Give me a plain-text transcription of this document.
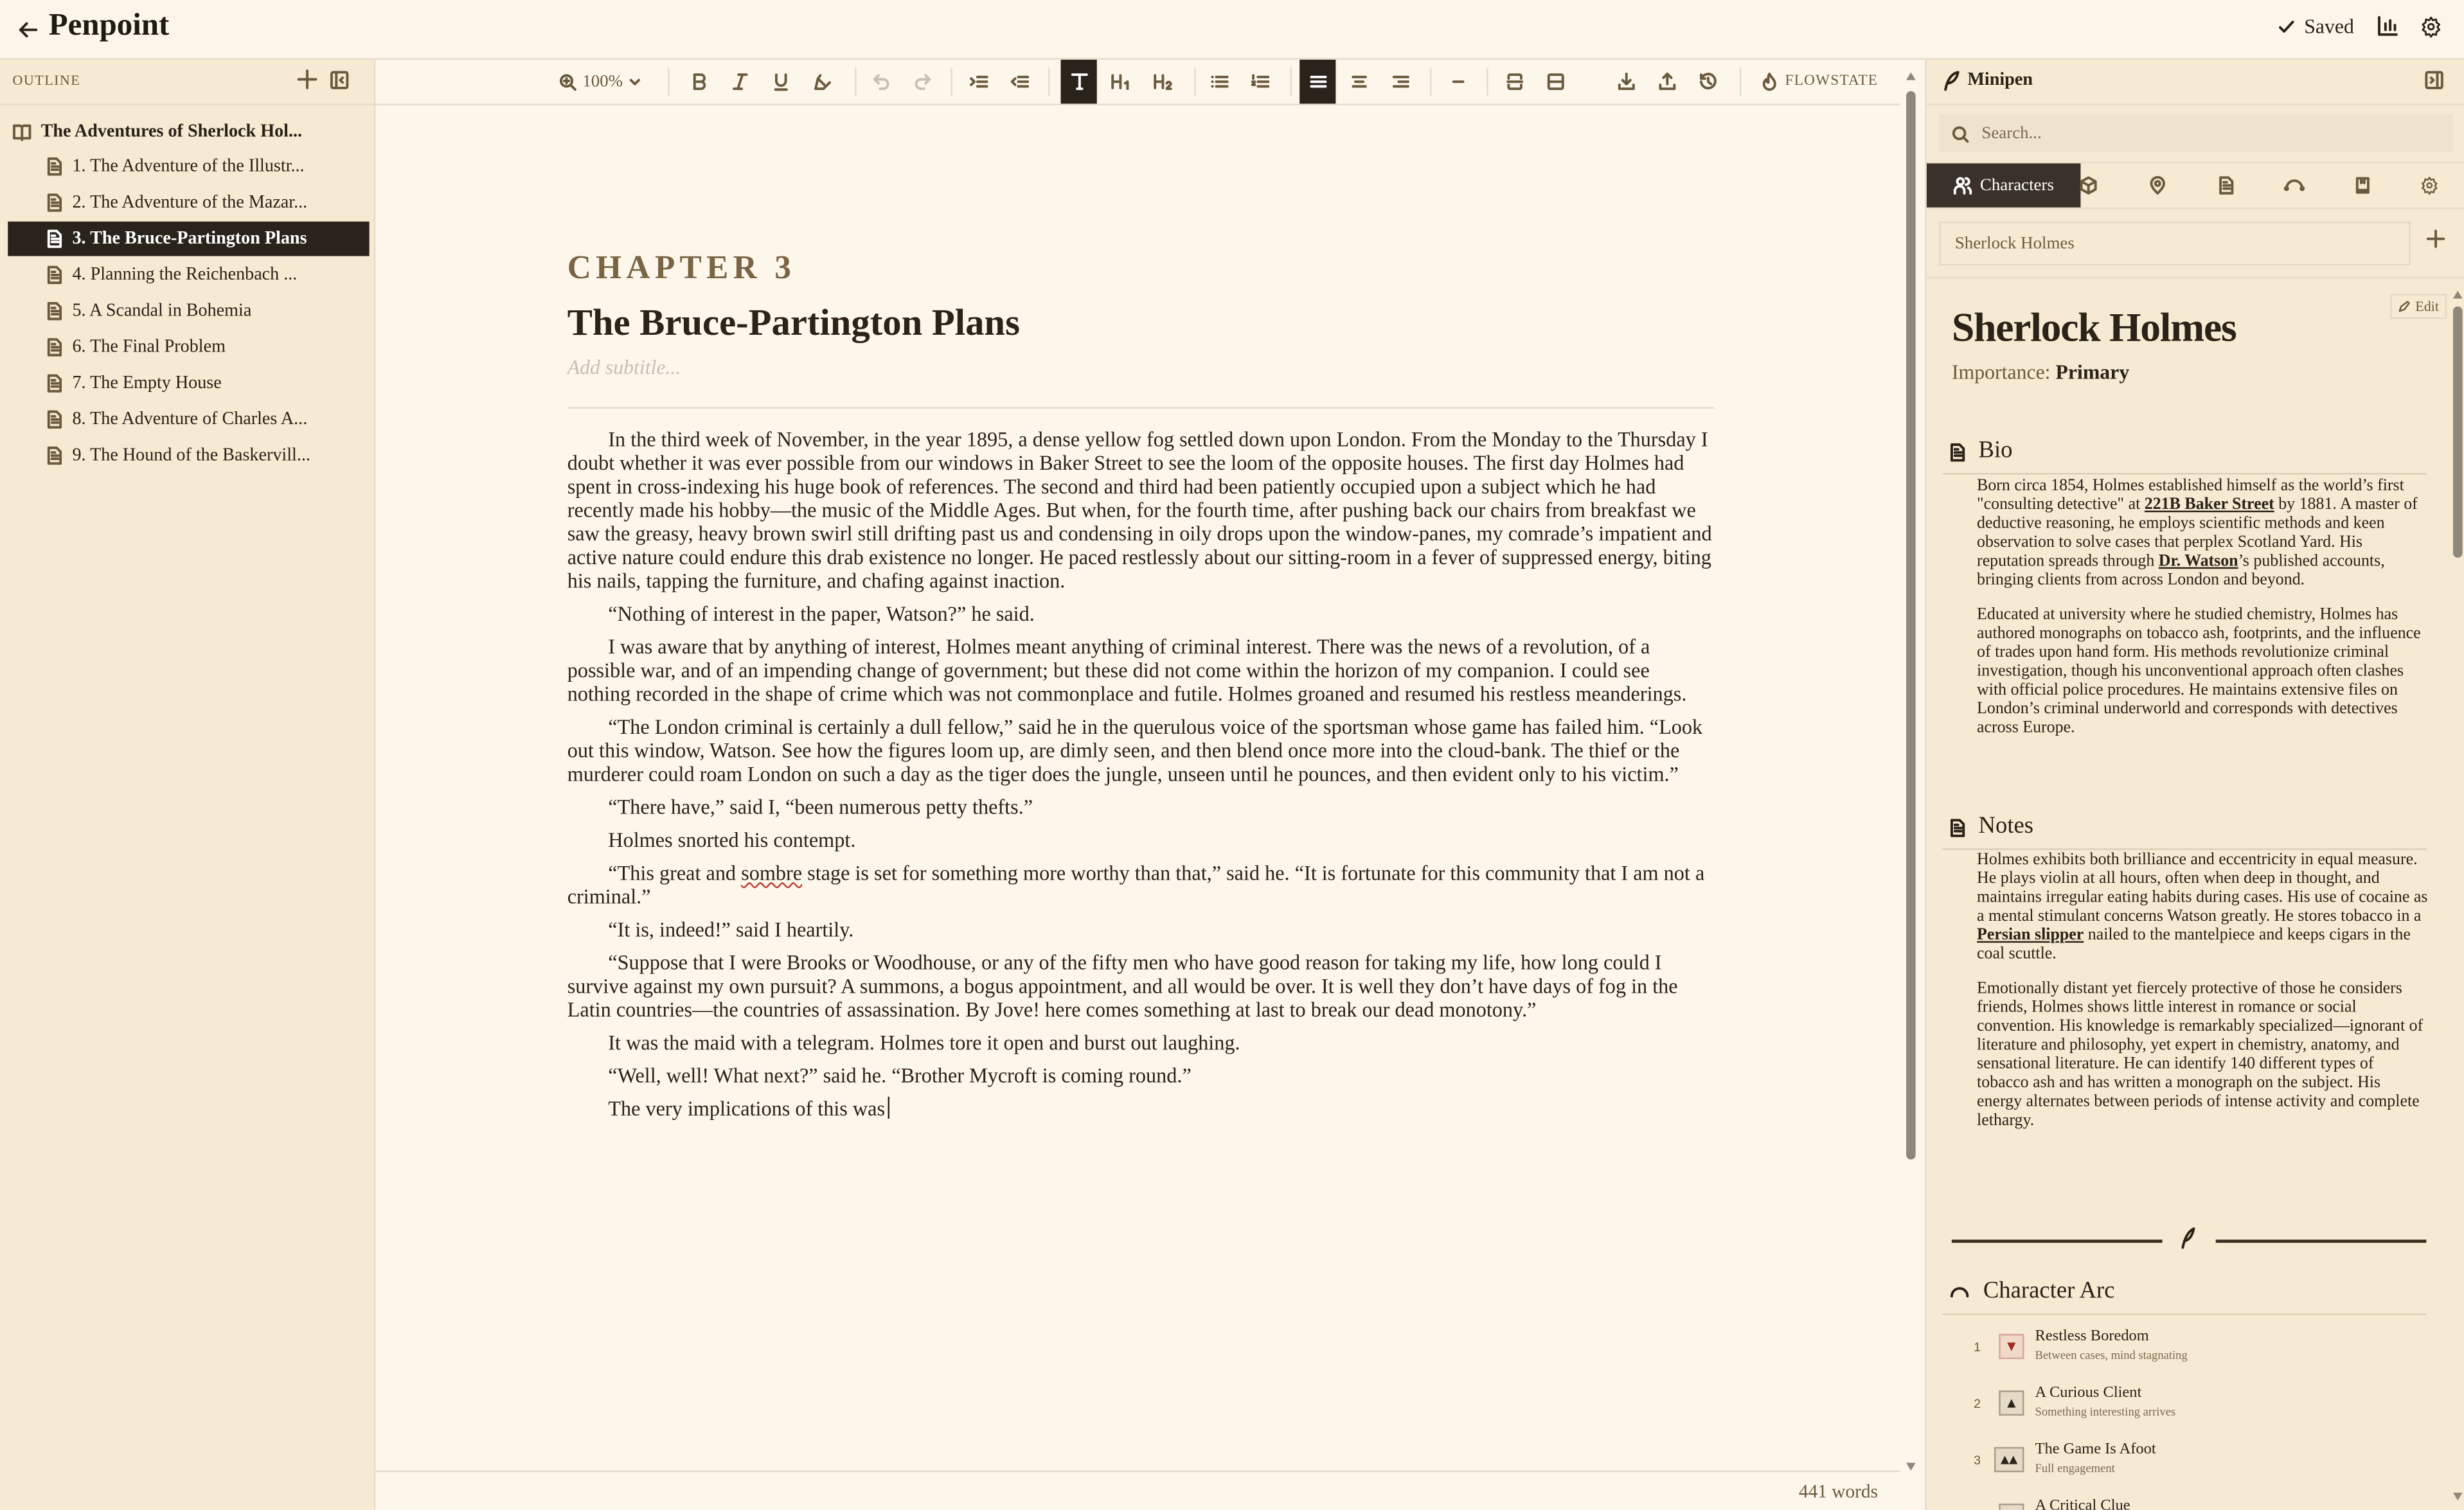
Penpoint	Saved
OUTLINE
The Adventures of Sherlock Hol...
1. The Adventure of the Illustr...
2. The Adventure of the Mazar...
3. The Bruce-Partington Plans
4. Planning the Reichenbach ...
5. A Scandal in Bohemia
6. The Final Problem
7. The Empty House
8. The Adventure of Charles A...
9. The Hound of the Baskervill...
100%	FLOWSTATE
CHAPTER 3
The Bruce-Partington Plans
Add subtitle...

In the third week of November, in the year 1895, a dense yellow fog settled down upon London. From the Monday to the Thursday I doubt whether it was ever possible from our windows in Baker Street to see the loom of the opposite houses. The first day Holmes had spent in cross-indexing his huge book of references. The second and third had been patiently occupied upon a subject which he had recently made his hobby—the music of the Middle Ages. But when, for the fourth time, after pushing back our chairs from breakfast we saw the greasy, heavy brown swirl still drifting past us and condensing in oily drops upon the window-panes, my comrade’s impatient and active nature could endure this drab existence no longer. He paced restlessly about our sitting-room in a fever of suppressed energy, biting his nails, tapping the furniture, and chafing against inaction.

“Nothing of interest in the paper, Watson?” he said.

I was aware that by anything of interest, Holmes meant anything of criminal interest. There was the news of a revolution, of a possible war, and of an impending change of government; but these did not come within the horizon of my companion. I could see nothing recorded in the shape of crime which was not commonplace and futile. Holmes groaned and resumed his restless meanderings.

“The London criminal is certainly a dull fellow,” said he in the querulous voice of the sportsman whose game has failed him. “Look out this window, Watson. See how the figures loom up, are dimly seen, and then blend once more into the cloud-bank. The thief or the murderer could roam London on such a day as the tiger does the jungle, unseen until he pounces, and then evident only to his victim.”

“There have,” said I, “been numerous petty thefts.”

Holmes snorted his contempt.

“This great and sombre stage is set for something more worthy than that,” said he. “It is fortunate for this community that I am not a criminal.”

“It is, indeed!” said I heartily.

“Suppose that I were Brooks or Woodhouse, or any of the fifty men who have good reason for taking my life, how long could I survive against my own pursuit? A summons, a bogus appointment, and all would be over. It is well they don’t have days of fog in the Latin countries—the countries of assassination. By Jove! here comes something at last to break our dead monotony.”

It was the maid with a telegram. Holmes tore it open and burst out laughing.

“Well, well! What next?” said he. “Brother Mycroft is coming round.”

The very implications of this was

441 words
Minipen
Search...
Characters
Sherlock Holmes
Edit
Sherlock Holmes
Importance: Primary
Bio

Born circa 1854, Holmes established himself as the world’s first "consulting detective" at 221B Baker Street by 1881. A master of deductive reasoning, he employs scientific methods and keen observation to solve cases that perplex Scotland Yard. His reputation spreads through Dr. Watson’s published accounts, bringing clients from across London and beyond.

Educated at university where he studied chemistry, Holmes has authored monographs on tobacco ash, footprints, and the influence of trades upon hand form. His methods revolutionize criminal investigation, though his unconventional approach often clashes with official police procedures. He maintains extensive files on London’s criminal underworld and corresponds with detectives across Europe.

Notes

Holmes exhibits both brilliance and eccentricity in equal measure. He plays violin at all hours, often when deep in thought, and maintains irregular eating habits during cases. His use of cocaine as a mental stimulant concerns Watson greatly. He stores tobacco in a Persian slipper nailed to the mantelpiece and keeps cigars in the coal scuttle.

Emotionally distant yet fiercely protective of those he considers friends, Holmes shows little interest in romance or social convention. His knowledge is remarkably specialized—ignorant of literature and philosophy, yet expert in chemistry, anatomy, and sensational literature. He can identify 140 different types of tobacco ash and has written a monograph on the subject. His energy alternates between periods of intense activity and complete lethargy.

Character Arc
1	▼
Restless Boredom
Between cases, mind stagnating
2	▲
A Curious Client
Something interesting arrives
3	▲▲
The Game Is Afoot
Full engagement
A Critical Clue
